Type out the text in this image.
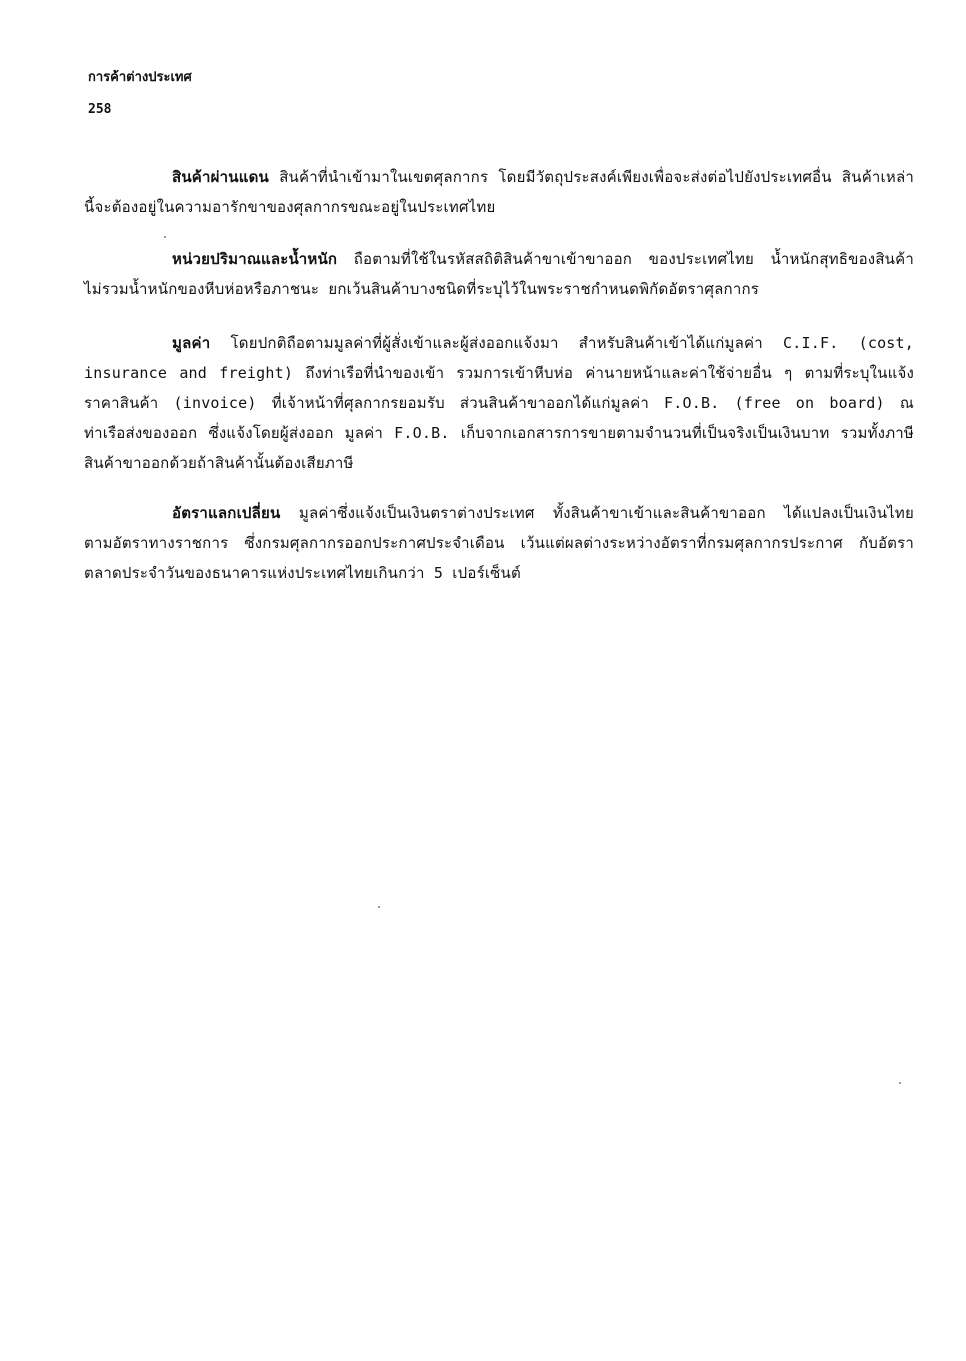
การค้าต่างประเทศ
258

สินค้าผ่านแดน สินค้าที่นำเข้ามาในเขตศุลกากร โดยมีวัตถุประสงค์เพียงเพื่อจะส่งต่อไปยังประเทศอื่น สินค้าเหล่านี้จะต้องอยู่ในความอารักขาของศุลกากรขณะอยู่ในประเทศไทย

หน่วยปริมาณและน้ำหนัก ถือตามที่ใช้ในรหัสสถิติสินค้าขาเข้าขาออก ของประเทศไทย น้ำหนักสุทธิของสินค้า ไม่รวมน้ำหนักของหีบห่อหรือภาชนะ ยกเว้นสินค้าบางชนิดที่ระบุไว้ในพระราชกำหนดพิกัดอัตราศุลกากร

มูลค่า โดยปกติถือตามมูลค่าที่ผู้สั่งเข้าและผู้ส่งออกแจ้งมา สำหรับสินค้าเข้าได้แก่มูลค่า C.I.F. (cost, insurance and freight) ถึงท่าเรือที่นำของเข้า รวมการเข้าหีบห่อ ค่านายหน้าและค่าใช้จ่ายอื่น ๆ ตามที่ระบุในแจ้งราคาสินค้า (invoice) ที่เจ้าหน้าที่ศุลกากรยอมรับ ส่วนสินค้าขาออกได้แก่มูลค่า F.O.B. (free on board) ณ ท่าเรือส่งของออก ซึ่งแจ้งโดยผู้ส่งออก มูลค่า F.O.B. เก็บจากเอกสารการขายตามจำนวนที่เป็นจริงเป็นเงินบาท รวมทั้งภาษีสินค้าขาออกด้วยถ้าสินค้านั้นต้องเสียภาษี

อัตราแลกเปลี่ยน มูลค่าซึ่งแจ้งเป็นเงินตราต่างประเทศ ทั้งสินค้าขาเข้าและสินค้าขาออก ได้แปลงเป็นเงินไทยตามอัตราทางราชการ ซึ่งกรมศุลกากรออกประกาศประจำเดือน เว้นแต่ผลต่างระหว่างอัตราที่กรมศุลกากรประกาศ กับอัตราตลาดประจำวันของธนาคารแห่งประเทศไทยเกินกว่า 5 เปอร์เซ็นต์
